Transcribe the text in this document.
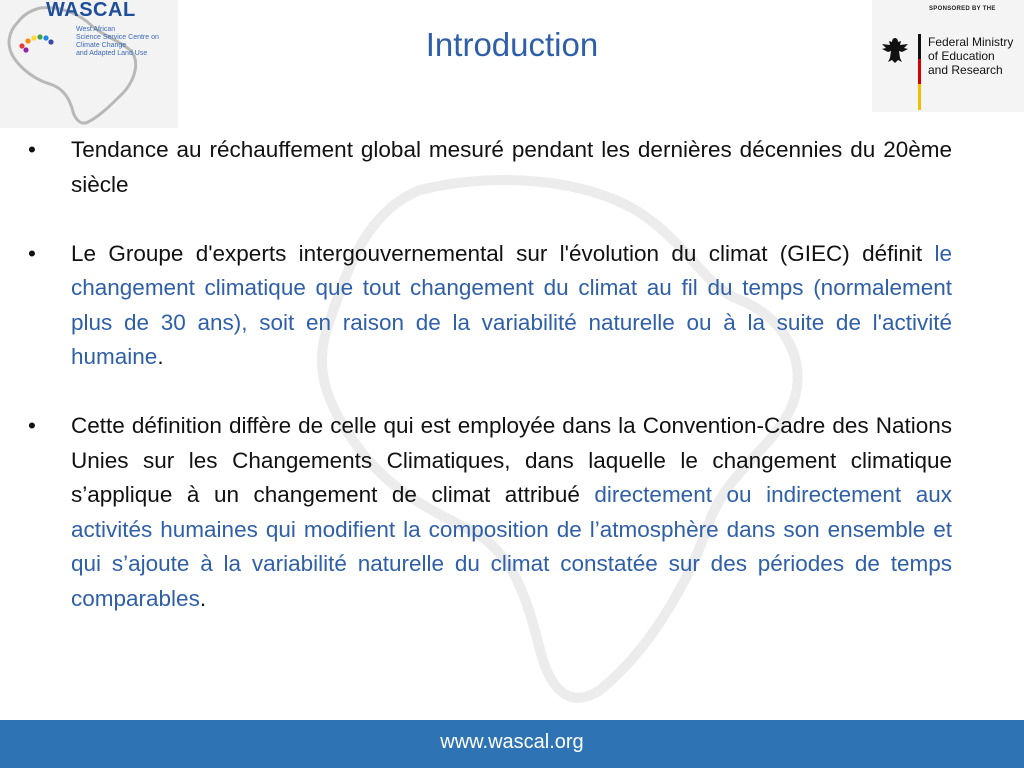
WASCAL
West African
Science Service Centre on
Climate Change
and Adapted Land Use
SPONSORED BY THE
Federal Ministry
of Education
and Research
Introduction
• Tendance au réchauffement global mesuré pendant les dernières décennies du 20ème siècle
• Le Groupe d'experts intergouvernemental sur l'évolution du climat (GIEC) définit le changement climatique que tout changement du climat au fil du temps (normalement plus de 30 ans), soit en raison de la variabilité naturelle ou à la suite de l'activité humaine.
• Cette définition diffère de celle qui est employée dans la Convention-Cadre des Nations Unies sur les Changements Climatiques, dans laquelle le changement climatique s’applique à un changement de climat attribué directement ou indirectement aux activités humaines qui modifient la composition de l’atmosphère dans son ensemble et qui s’ajoute à la variabilité naturelle du climat constatée sur des périodes de temps comparables.
www.wascal.org
